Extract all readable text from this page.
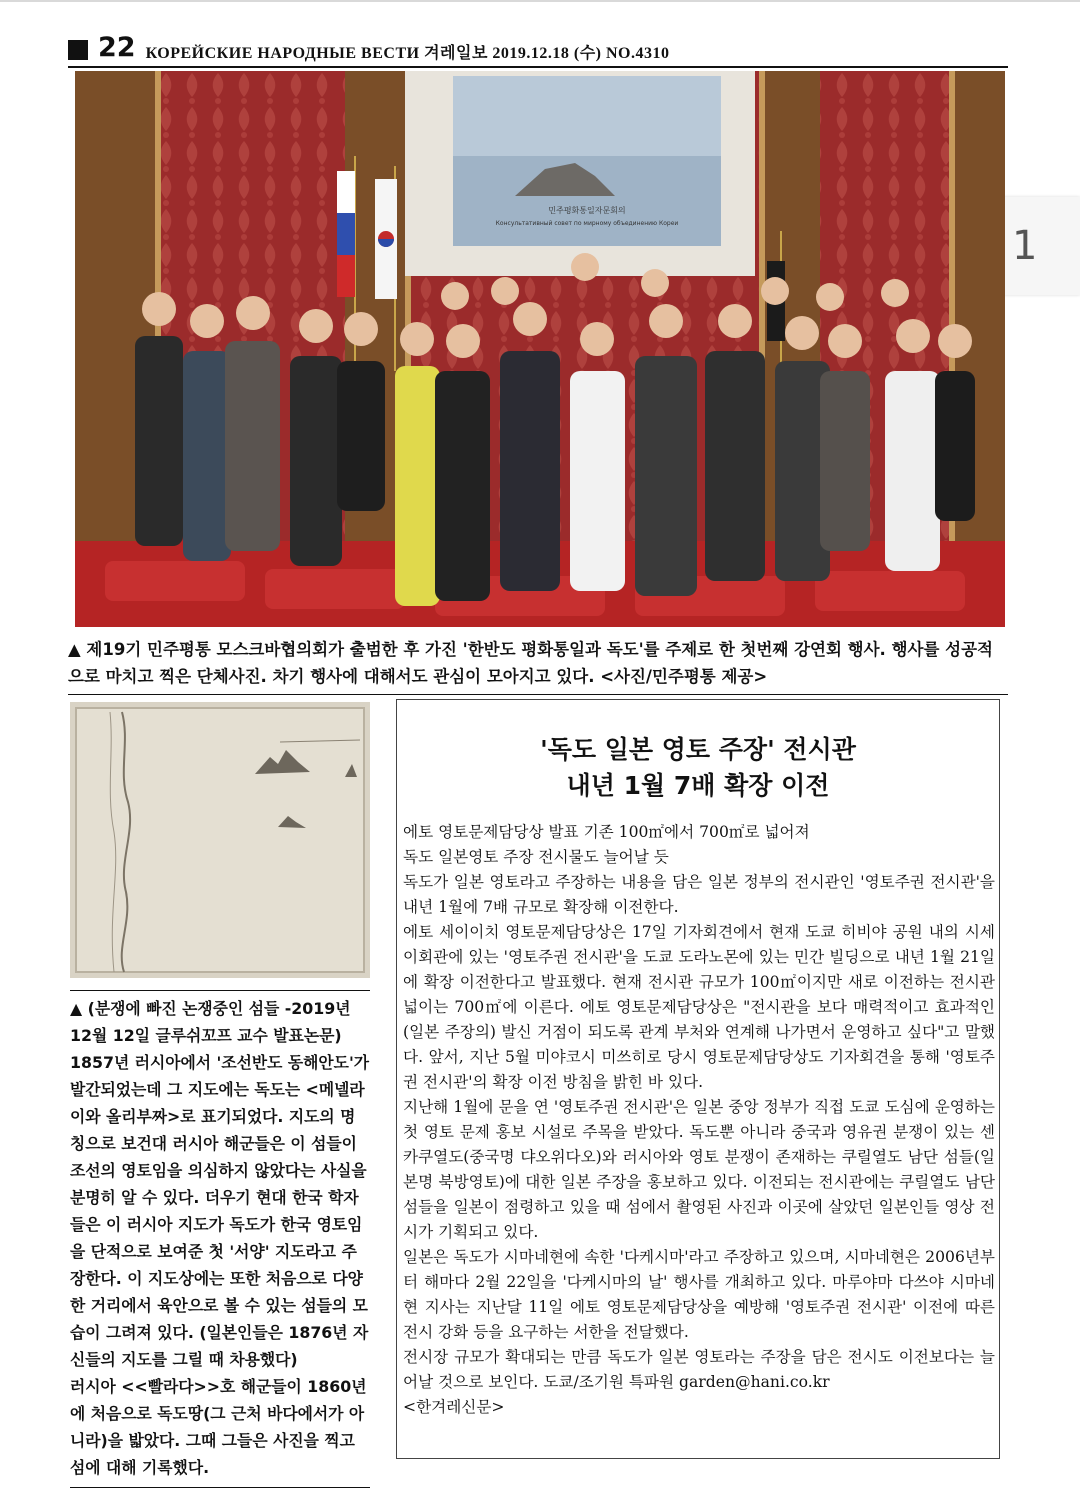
22 КОРЕЙСКИЕ НАРОДНЫЕ ВЕСТИ 겨레일보 2019.12.18 (수) NO.4310
1
민주평화통일자문회의
Консультативный совет по мирному объединению Кореи
▲ 제19기 민주평통 모스크바협의회가 출범한 후 가진 '한반도 평화통일과 독도'를 주제로 한 첫번째 강연회 행사. 행사를 성공적으로 마치고 찍은 단체사진. 차기 행사에 대해서도 관심이 모아지고 있다. <사진/민주평통 제공>

▲ (분쟁에 빠진 논쟁중인 섬들 -2019년 12월 12일 글루쉬꼬프 교수 발표논문) 1857년 러시아에서 '조선반도 동해안도'가 발간되었는데 그 지도에는 독도는 <메넬라이와 올리부짜>로 표기되었다. 지도의 명칭으로 보건대 러시아 해군들은 이 섬들이 조선의 영토임을 의심하지 않았다는 사실을 분명히 알 수 있다. 더우기 현대 한국 학자들은 이 러시아 지도가 독도가 한국 영토임을 단적으로 보여준 첫 '서양' 지도라고 주장한다. 이 지도상에는 또한 처음으로 다양한 거리에서 육안으로 볼 수 있는 섬들의 모습이 그려져 있다. (일본인들은 1876년 자신들의 지도를 그릴 때 차용했다)

러시아 <<빨라다>>호 해군들이 1860년에 처음으로 독도땅(그 근처 바다에서가 아니라)을 밟았다. 그때 그들은 사진을 찍고 섬에 대해 기록했다.

'독도 일본 영토 주장' 전시관
내년 1월 7배 확장 이전

에토 영토문제담당상 발표 기존 100㎡에서 700㎡로 넓어져

독도 일본영토 주장 전시물도 늘어날 듯

독도가 일본 영토라고 주장하는 내용을 담은 일본 정부의 전시관인 '영토주권 전시관'을 내년 1월에 7배 규모로 확장해 이전한다.

에토 세이이치 영토문제담당상은 17일 기자회견에서 현재 도쿄 히비야 공원 내의 시세이회관에 있는 '영토주권 전시관'을 도쿄 도라노몬에 있는 민간 빌딩으로 내년 1월 21일에 확장 이전한다고 발표했다. 현재 전시관 규모가 100㎡이지만 새로 이전하는 전시관 넓이는 700㎡에 이른다. 에토 영토문제담당상은 "전시관을 보다 매력적이고 효과적인 (일본 주장의) 발신 거점이 되도록 관계 부처와 연계해 나가면서 운영하고 싶다"고 말했다. 앞서, 지난 5월 미야코시 미쓰히로 당시 영토문제담당상도 기자회견을 통해 '영토주권 전시관'의 확장 이전 방침을 밝힌 바 있다.

지난해 1월에 문을 연 '영토주권 전시관'은 일본 중앙 정부가 직접 도쿄 도심에 운영하는 첫 영토 문제 홍보 시설로 주목을 받았다. 독도뿐 아니라 중국과 영유권 분쟁이 있는 센카쿠열도(중국명 댜오위다오)와 러시아와 영토 분쟁이 존재하는 쿠릴열도 남단 섬들(일본명 북방영토)에 대한 일본 주장을 홍보하고 있다. 이전되는 전시관에는 쿠릴열도 남단 섬들을 일본이 점령하고 있을 때 섬에서 촬영된 사진과 이곳에 살았던 일본인들 영상 전시가 기획되고 있다.

일본은 독도가 시마네현에 속한 '다케시마'라고 주장하고 있으며, 시마네현은 2006년부터 해마다 2월 22일을 '다케시마의 날' 행사를 개최하고 있다. 마루야마 다쓰야 시마네현 지사는 지난달 11일 에토 영토문제담당상을 예방해 '영토주권 전시관' 이전에 따른 전시 강화 등을 요구하는 서한을 전달했다.

전시장 규모가 확대되는 만큼 독도가 일본 영토라는 주장을 담은 전시도 이전보다는 늘어날 것으로 보인다. 도쿄/조기원 특파원 garden@hani.co.kr

<한겨레신문>
